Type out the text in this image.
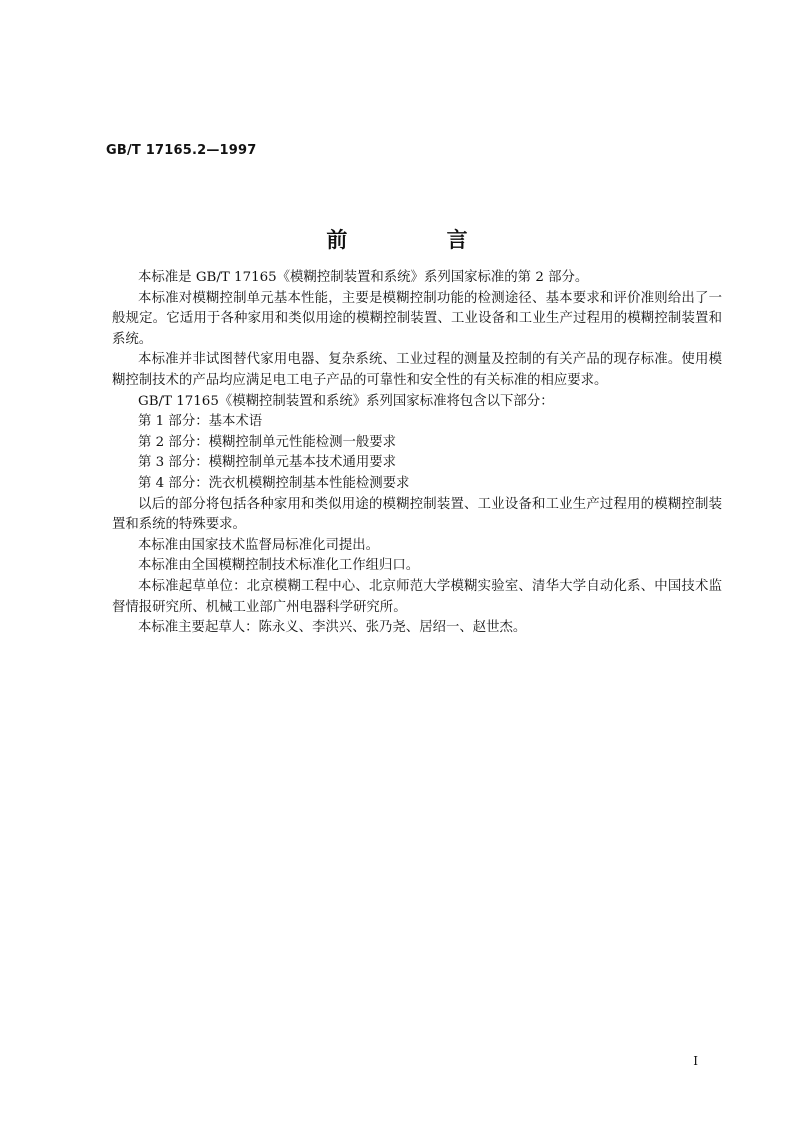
GB/T 17165.2—1997
前 言

本标准是 GB/T 17165《模糊控制装置和系统》系列国家标准的第 2 部分。

本标准对模糊控制单元基本性能，主要是模糊控制功能的检测途径、基本要求和评价准则给出了一般规定。它适用于各种家用和类似用途的模糊控制装置、工业设备和工业生产过程用的模糊控制装置和系统。

本标准并非试图替代家用电器、复杂系统、工业过程的测量及控制的有关产品的现存标准。使用模糊控制技术的产品均应满足电工电子产品的可靠性和安全性的有关标准的相应要求。

GB/T 17165《模糊控制装置和系统》系列国家标准将包含以下部分：

第 1 部分：基本术语

第 2 部分：模糊控制单元性能检测一般要求

第 3 部分：模糊控制单元基本技术通用要求

第 4 部分：洗衣机模糊控制基本性能检测要求

以后的部分将包括各种家用和类似用途的模糊控制装置、工业设备和工业生产过程用的模糊控制装置和系统的特殊要求。

本标准由国家技术监督局标准化司提出。

本标准由全国模糊控制技术标准化工作组归口。

本标准起草单位：北京模糊工程中心、北京师范大学模糊实验室、清华大学自动化系、中国技术监督情报研究所、机械工业部广州电器科学研究所。

本标准主要起草人：陈永义、李洪兴、张乃尧、居绍一、赵世杰。

I
